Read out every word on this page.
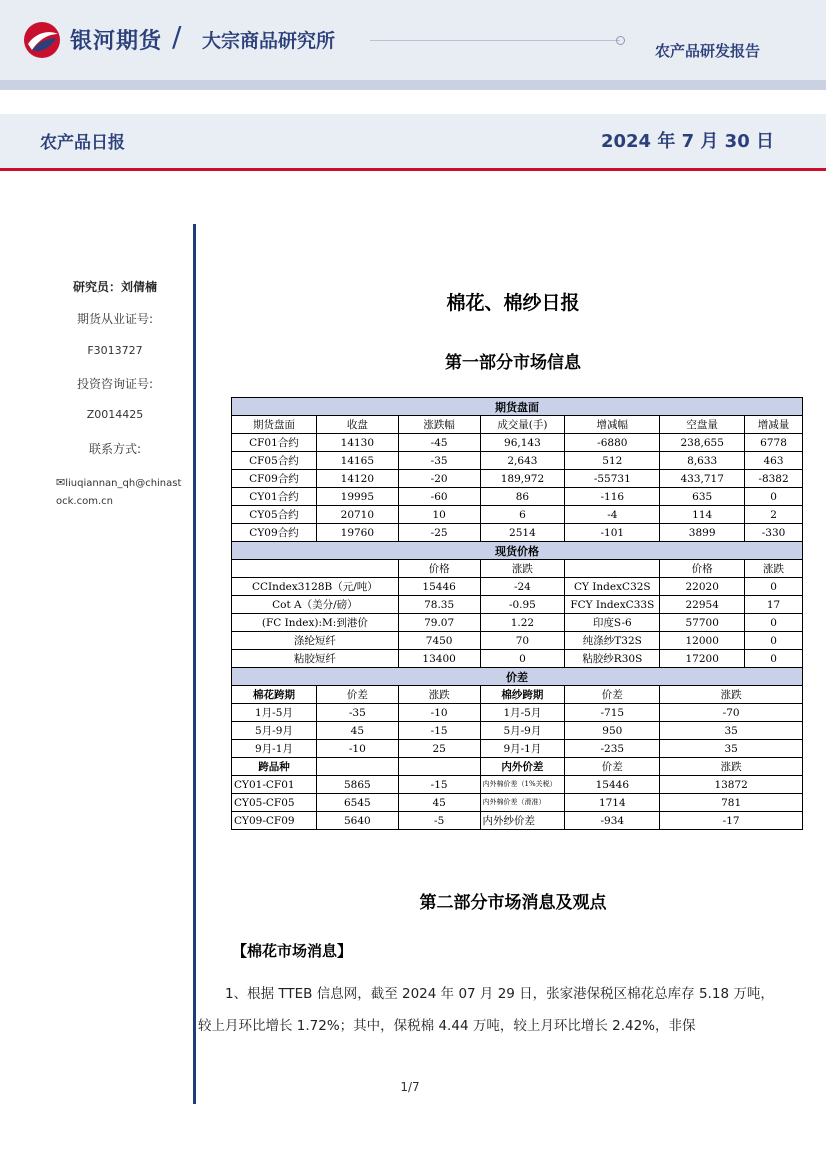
银河期货 / 大宗商品研究所	农产品研发报告
农产品日报	2024 年 7 月 30 日
研究员：刘倩楠
期货从业证号:
F3013727
投资咨询证号:
Z0014425
联系方式:
✉liuqiannan_qh@chinastock.com.cn
棉花、棉纱日报
第一部分市场信息
期货盘面						
期货盘面	收盘	涨跌幅	成交量(手)	增减幅	空盘量	增减量
CF01合约	14130	-45	96,143	-6880	238,655	6778
CF05合约	14165	-35	2,643	512	8,633	463
CF09合约	14120	-20	189,972	-55731	433,717	-8382
CY01合约	19995	-60	86	-116	635	0
CY05合约	20710	10	6	-4	114	2
CY09合约	19760	-25	2514	-101	3899	-330
现货价格						
		价格	涨跌		价格	涨跌
CCIndex3128B（元/吨）		15446	-24	CY IndexC32S	22020	0
Cot A（美分/磅）		78.35	-0.95	FCY IndexC33S	22954	17
(FC Index):M:到港价		79.07	1.22	印度S-6	57700	0
涤纶短纤		7450	70	纯涤纱T32S	12000	0
粘胶短纤		13400	0	粘胶纱R30S	17200	0
价差						
棉花跨期	价差	涨跌	棉纱跨期	价差	涨跌	
1月-5月	-35	-10	1月-5月	-715	-70	
5月-9月	45	-15	5月-9月	950	35	
9月-1月	-10	25	9月-1月	-235	35	
跨品种			内外价差	价差	涨跌	
CY01-CF01	5865	-15	内外棉价差（1%关税）	15446	13872	
CY05-CF05	6545	45	内外棉价差（滑准）	1714	781	
CY09-CF09	5640	-5	内外纱价差	-934	-17	
第二部分市场消息及观点
【棉花市场消息】
1、根据 TTEB 信息网，截至 2024 年 07 月 29 日，张家港保税区棉花总库存 5.18 万吨，较上月环比增长 1.72%；其中，保税棉 4.44 万吨，较上月环比增长 2.42%，非保
1/7
